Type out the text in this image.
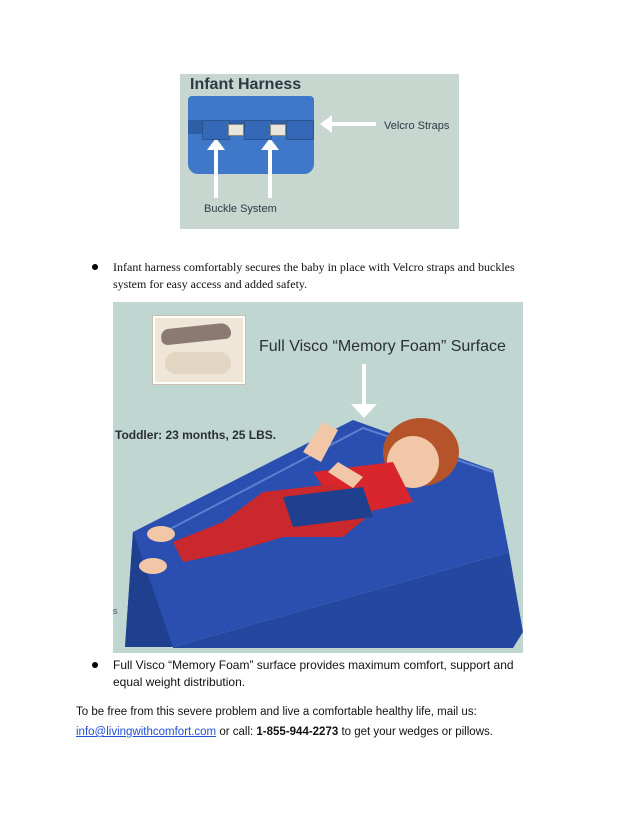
Infant Harness
Velcro Straps
Buckle System
Infant harness comfortably secures the baby in place with Velcro straps and buckles system for easy access and added safety.
Full Visco “Memory Foam” Surface
Toddler: 23 months, 25 LBS.
s
Full Visco “Memory Foam” surface provides maximum comfort, support and equal weight distribution.
To be free from this severe problem and live a comfortable healthy life, mail us:
info@livingwithcomfort.com or call: 1-855-944-2273 to get your wedges or pillows.
